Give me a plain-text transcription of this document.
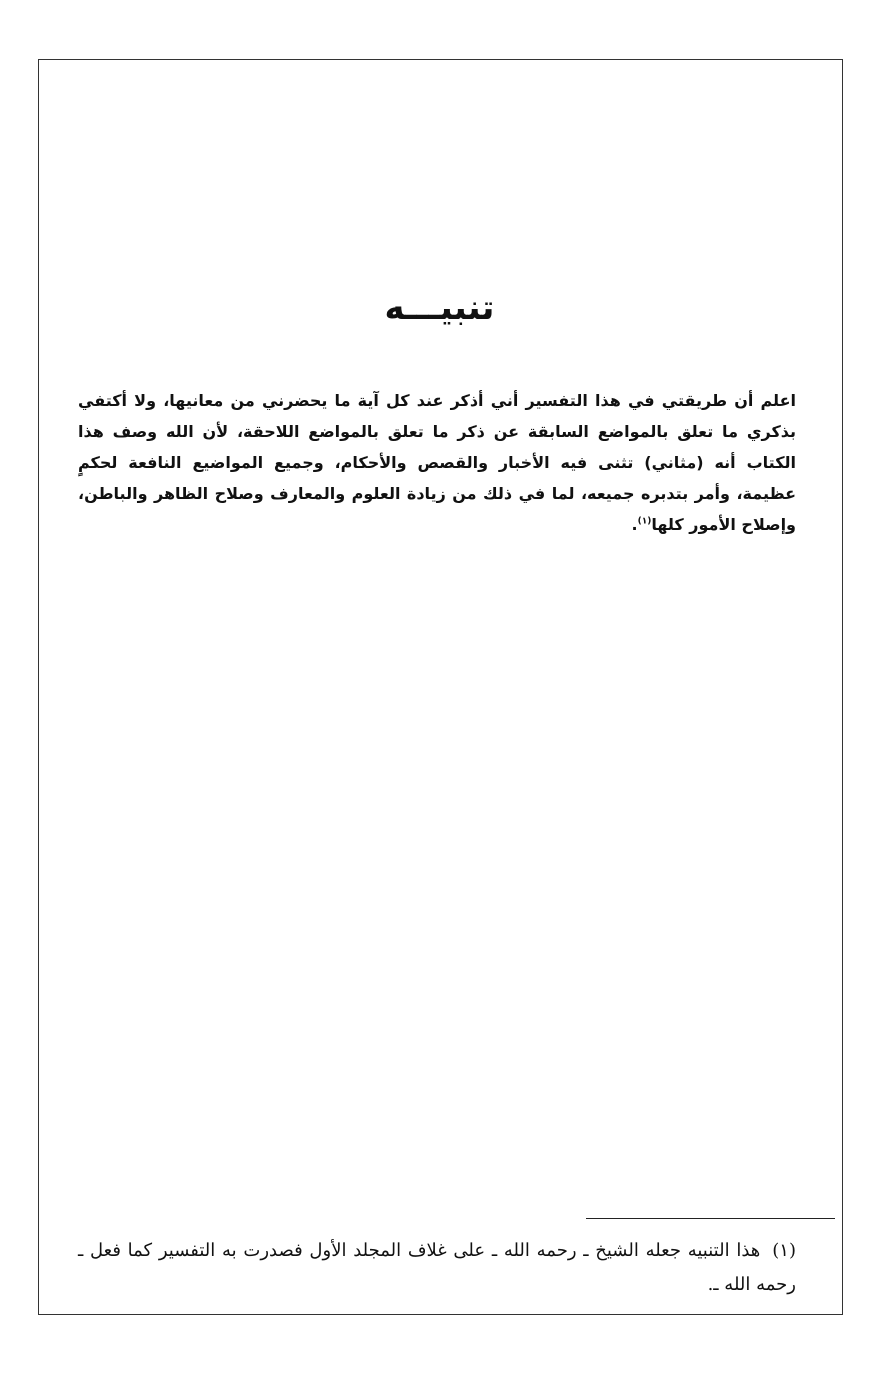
تنبيـــه

اعلم أن طريقتي في هذا التفسير أني أذكر عند كل آية ما يحضرني من معانيها، ولا أكتفي بذكري ما تعلق بالمواضع السابقة عن ذكر ما تعلق بالمواضع اللاحقة، لأن الله وصف هذا الكتاب أنه (مثاني) تثنى فيه الأخبار والقصص والأحكام، وجميع المواضيع النافعة لحكمٍ عظيمة، وأمر بتدبره جميعه، لما في ذلك من زيادة العلوم والمعارف وصلاح الظاهر والباطن، وإصلاح الأمور كلها$^{(١)}$.

(١)هذا التنبيه جعله الشيخ ـ رحمه الله ـ على غلاف المجلد الأول فصدرت به التفسير كما فعل ـ رحمه الله ـ.
